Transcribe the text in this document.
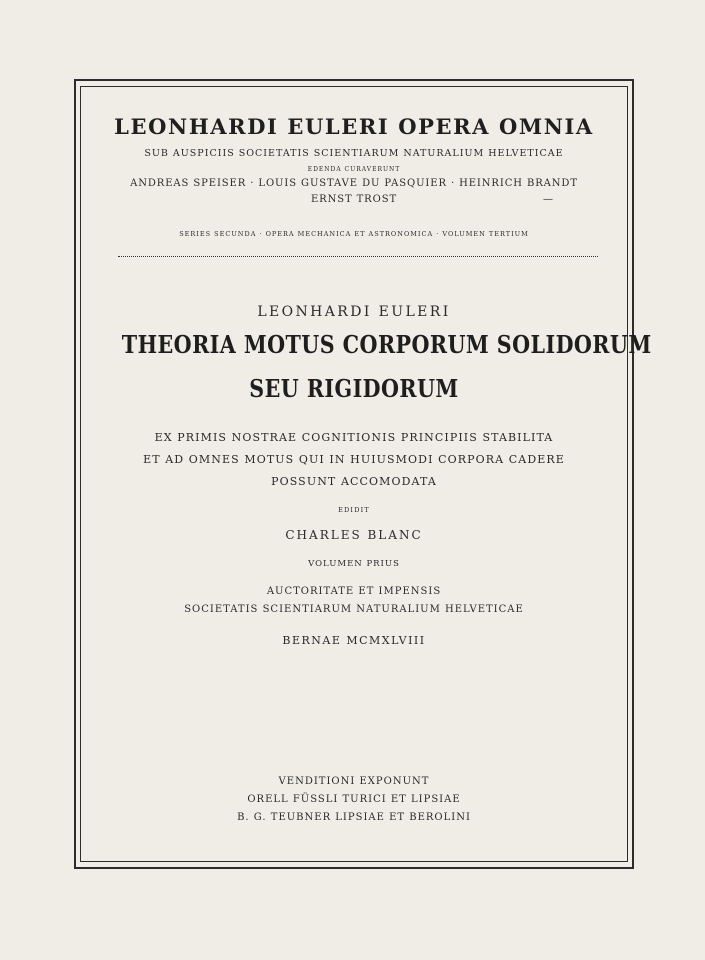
LEONHARDI EULERI OPERA OMNIA
SUB AUSPICIIS SOCIETATIS SCIENTIARUM NATURALIUM HELVETICAE
EDENDA CURAVERUNT
ANDREAS SPEISER · LOUIS GUSTAVE DU PASQUIER · HEINRICH BRANDT
ERNST TROST	—
SERIES SECUNDA · OPERA MECHANICA ET ASTRONOMICA · VOLUMEN TERTIUM
LEONHARDI EULERI
THEORIA MOTUS CORPORUM SOLIDORUM
SEU RIGIDORUM
EX PRIMIS NOSTRAE COGNITIONIS PRINCIPIIS STABILITA
ET AD OMNES MOTUS QUI IN HUIUSMODI CORPORA CADERE
POSSUNT ACCOMODATA
EDIDIT
CHARLES BLANC
VOLUMEN PRIUS
AUCTORITATE ET IMPENSIS
SOCIETATIS SCIENTIARUM NATURALIUM HELVETICAE
BERNAE MCMXLVIII
VENDITIONI EXPONUNT
ORELL FÜSSLI TURICI ET LIPSIAE
B. G. TEUBNER LIPSIAE ET BEROLINI
